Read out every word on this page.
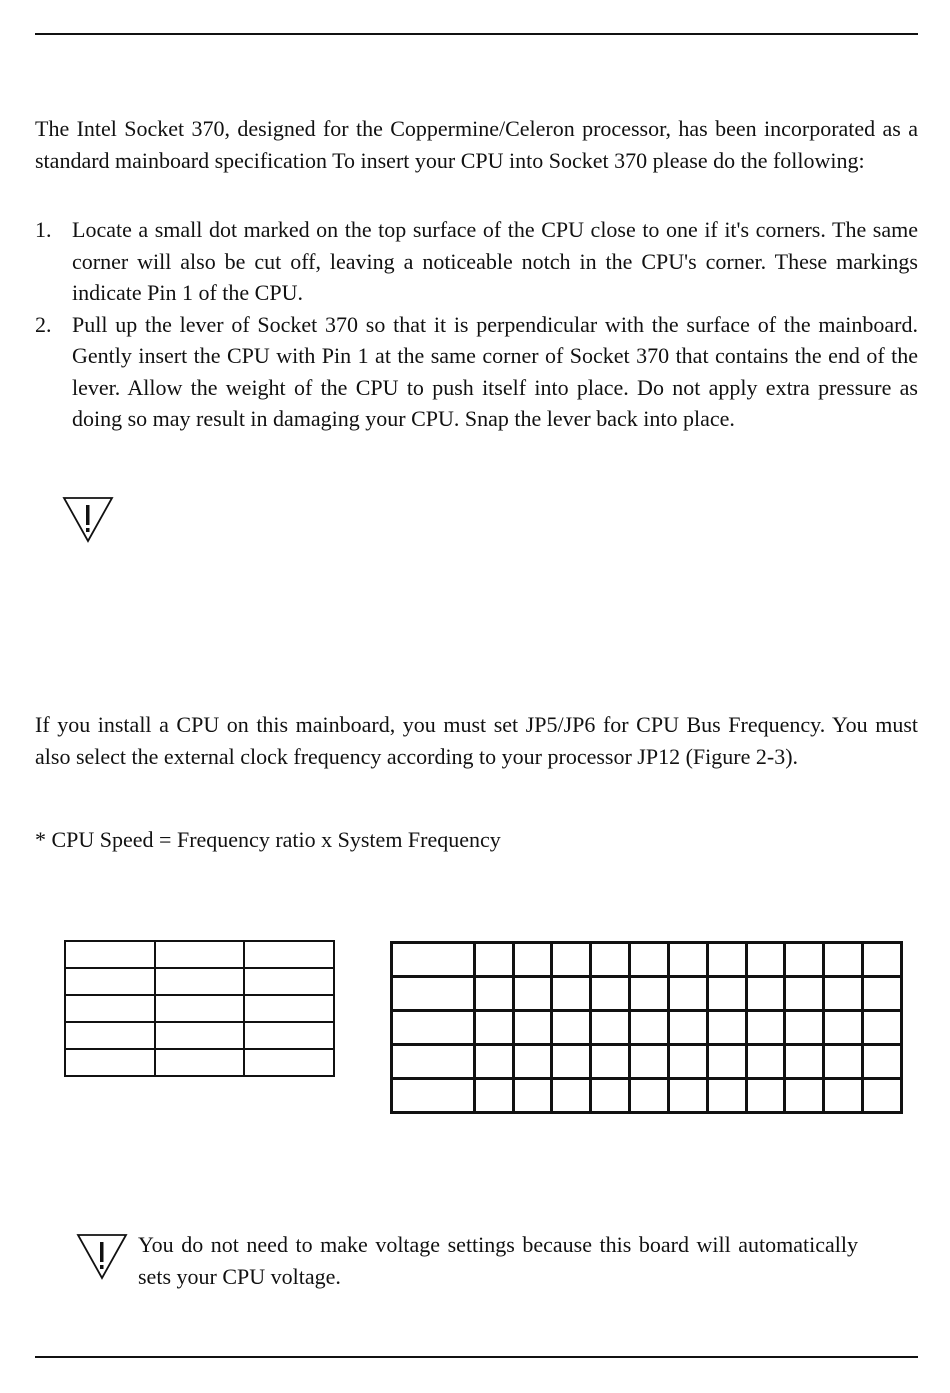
The Intel Socket 370, designed for the Coppermine/Celeron processor, has been incorporated as a standard mainboard specification To insert your CPU into Socket 370 please do the following:

1. Locate a small dot marked on the top surface of the CPU close to one if it's corners. The same corner will also be cut off, leaving a noticeable notch in the CPU's corner. These markings indicate Pin 1 of the CPU.
2. Pull up the lever of Socket 370 so that it is perpendicular with the surface of the mainboard. Gently insert the CPU with Pin 1 at the same corner of Socket 370 that contains the end of the lever. Allow the weight of the CPU to push itself into place. Do not apply extra pressure as doing so may result in damaging your CPU. Snap the lever back into place.

If you install a CPU on this mainboard, you must set JP5/JP6 for CPU Bus Frequency. You must also select the external clock frequency according to your processor JP12 (Figure 2-3).

* CPU Speed = Frequency ratio x System Frequency

You do not need to make voltage settings because this board will automatically sets your CPU voltage.
